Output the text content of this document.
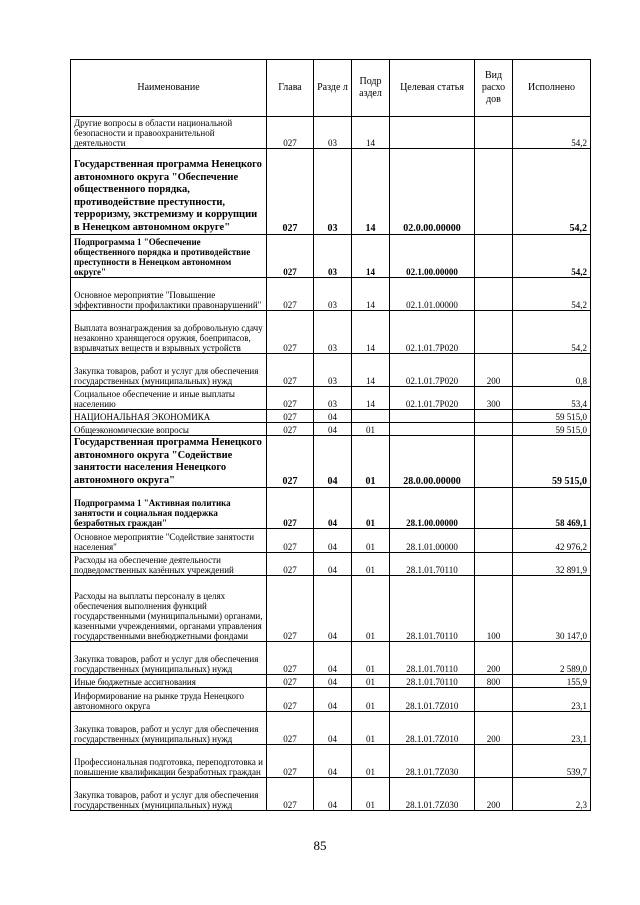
Наименование	Глава	Разде л	Подр аздел	Целевая статья	Вид расхо дов	Исполнено
Другие вопросы в области национальной безопасности и правоохранительной деятельности	027	03	14			54,2
Государственная программа Ненецкого автономного округа "Обеспечение общественного порядка, противодействие преступности, терроризму, экстремизму и коррупции в Ненецком автономном округе"	027	03	14	02.0.00.00000		54,2
Подпрограмма 1 "Обеспечение общественного порядка и противодействие преступности в Ненецком автономном округе"	027	03	14	02.1.00.00000		54,2
Основное мероприятие "Повышение эффективности профилактики правонарушений"	027	03	14	02.1.01.00000		54,2
Выплата вознаграждения за добровольную сдачу незаконно хранящегося оружия, боеприпасов, взрывчатых веществ и взрывных устройств	027	03	14	02.1.01.7P020		54,2
Закупка товаров, работ и услуг для обеспечения государственных (муниципальных) нужд	027	03	14	02.1.01.7P020	200	0,8
Социальное обеспечение и иные выплаты населению	027	03	14	02.1.01.7P020	300	53,4
НАЦИОНАЛЬНАЯ ЭКОНОМИКА	027	04				59 515,0
Общеэкономические вопросы	027	04	01			59 515,0
Государственная программа Ненецкого автономного округа "Содействие занятости населения Ненецкого автономного округа"	027	04	01	28.0.00.00000		59 515,0
Подпрограмма 1 "Активная политика занятости и социальная поддержка безработных граждан"	027	04	01	28.1.00.00000		58 469,1
Основное мероприятие "Содействие занятости населения"	027	04	01	28.1.01.00000		42 976,2
Расходы на обеспечение деятельности подведомственных казённых учреждений	027	04	01	28.1.01.70110		32 891,9
Расходы на выплаты персоналу в целях обеспечения выполнения функций государственными (муниципальными) органами, казенными учреждениями, органами управления государственными внебюджетными фондами	027	04	01	28.1.01.70110	100	30 147,0
Закупка товаров, работ и услуг для обеспечения государственных (муниципальных) нужд	027	04	01	28.1.01.70110	200	2 589,0
Иные бюджетные ассигнования	027	04	01	28.1.01.70110	800	155,9
Информирование на рынке труда Ненецкого автономного округа	027	04	01	28.1.01.7Z010		23,1
Закупка товаров, работ и услуг для обеспечения государственных (муниципальных) нужд	027	04	01	28.1.01.7Z010	200	23,1
Профессиональная подготовка, переподготовка и повышение квалификации безработных граждан	027	04	01	28.1.01.7Z030		539,7
Закупка товаров, работ и услуг для обеспечения государственных (муниципальных) нужд	027	04	01	28.1.01.7Z030	200	2,3
85
